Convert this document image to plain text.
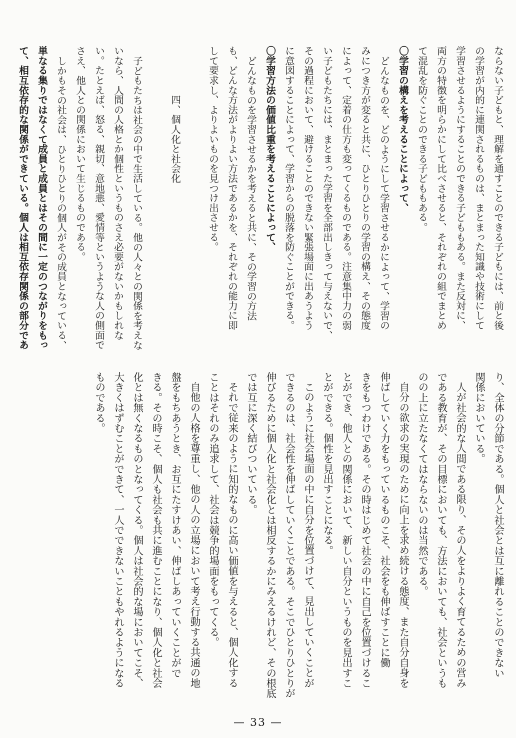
ならない子どもと、理解を通すことのできる子どもには、前と後
の学習が内的に連関されるものは、まとまった知識や技術にして
学習させるようにすることのできる子どももある。また反対に、
両方の特徴を明らかにして比べさせると、それぞれの組でまとめ
て混乱を防ぐことのできる子どももある。
〇学習の構えを考えることによって、
どんなものを、どのようにして学習させるかによって、学習の
みにつき方が変ると共に、ひとりひとりの学習の構え、その態度
によって、定着の仕方も変ってくるものである。注意集中力の弱
い子どもたちには、まとまった学習を全部出しきって与えないで、
その過程において、避けることのできない緊張場面に出あうよう
に意図することによって、学習からの脱落を防ぐことができる。
〇学習方法の価値比重を考えることによって、
どんなものを学習させるかを考えると共に、その学習の方法
も、どんな方法がよりよい方法であるかを、それぞれの能力に即
して要求し、よりよいものを見つけ出させる。
四、個人化と社会化
子どもたちは社会の中で生活している。他の人々との関係を考えな
いなら、人間の人格とか個性というものさえ必要がないかもしれな
い。たとえば、怒る、親切、意地悪、愛情等というような人の側面で
さえ、他人との関係において生じるものである。
しかもその社会は、ひとりひとりの個人がその成員となっている、
単なる集りではなくて成員と成員とはその間に一定のつながりをもっ
て、相互依存的な関係ができている。個人は相互依存関係の部分であ
り、全体の分節である。個人と社会とは互に離れることのできない
関係においている。
人が社会的な人間である限り、その人をよりよく育てるための営み
である教育が、その目標においても、方法においても、社会というも
のの上に立たなくてはならないのは当然である。
自分の欲求の実現のために向上を求め続ける態度、また自分自身を
伸ばしていく力をもっているものこそ、社会をも伸ばすことに働
きをもつわけである。その時はじめて社会の中に自己を位置づけるこ
とができ、他人との関係において、新しい自分というものを見出すこ
とができる。個性を見出すことになる。
このように社会場面の中に自分を位置づけて、見出していくことが
できるのは、社会性を伸ばしていくことである。そこでひとりひとりが
伸びるために個人化と社会化とは相反するかにみえるけれど、その根底
では互に深く結びついている。
それで従来のように知的なものに高い価値を与えると、個人化する
ことはそれのみ追求して、社会は競争的場面をもってくる。
自他の人格を尊重し、他の人の立場において考え行動する共通の地
盤をもちあうとき、お互にたすけあい、伸ばしあっていくことがで
きる。その時こそ、個人も社会も共に進むことになり、個人化と社会
化とは無くなるものとなってくる。個人は社会的な場においてこそ、
大きくはずむことができて、一人でできないこともやれるようになる
ものである。
— 33 —
